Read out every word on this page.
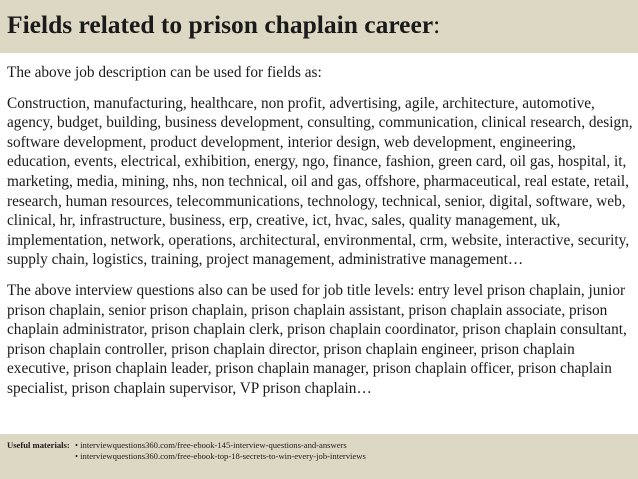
Fields related to prison chaplain career:

The above job description can be used for fields as:

Construction, manufacturing, healthcare, non profit, advertising, agile, architecture, automotive, agency, budget, building, business development, consulting, communication, clinical research, design, software development, product development, interior design, web development, engineering, education, events, electrical, exhibition, energy, ngo, finance, fashion, green card, oil gas, hospital, it, marketing, media, mining, nhs, non technical, oil and gas, offshore, pharmaceutical, real estate, retail, research, human resources, telecommunications, technology, technical, senior, digital, software, web, clinical, hr, infrastructure, business, erp, creative, ict, hvac, sales, quality management, uk, implementation, network, operations, architectural, environmental, crm, website, interactive, security, supply chain, logistics, training, project management, administrative management…

The above interview questions also can be used for job title levels: entry level prison chaplain, junior prison chaplain, senior prison chaplain, prison chaplain assistant, prison chaplain associate, prison chaplain administrator, prison chaplain clerk, prison chaplain coordinator, prison chaplain consultant, prison chaplain controller, prison chaplain director, prison chaplain engineer, prison chaplain executive, prison chaplain leader, prison chaplain manager, prison chaplain officer, prison chaplain specialist, prison chaplain supervisor, VP prison chaplain…

Useful materials: • interviewquestions360.com/free-ebook-145-interview-questions-and-answers
• interviewquestions360.com/free-ebook-top-18-secrets-to-win-every-job-interviews
